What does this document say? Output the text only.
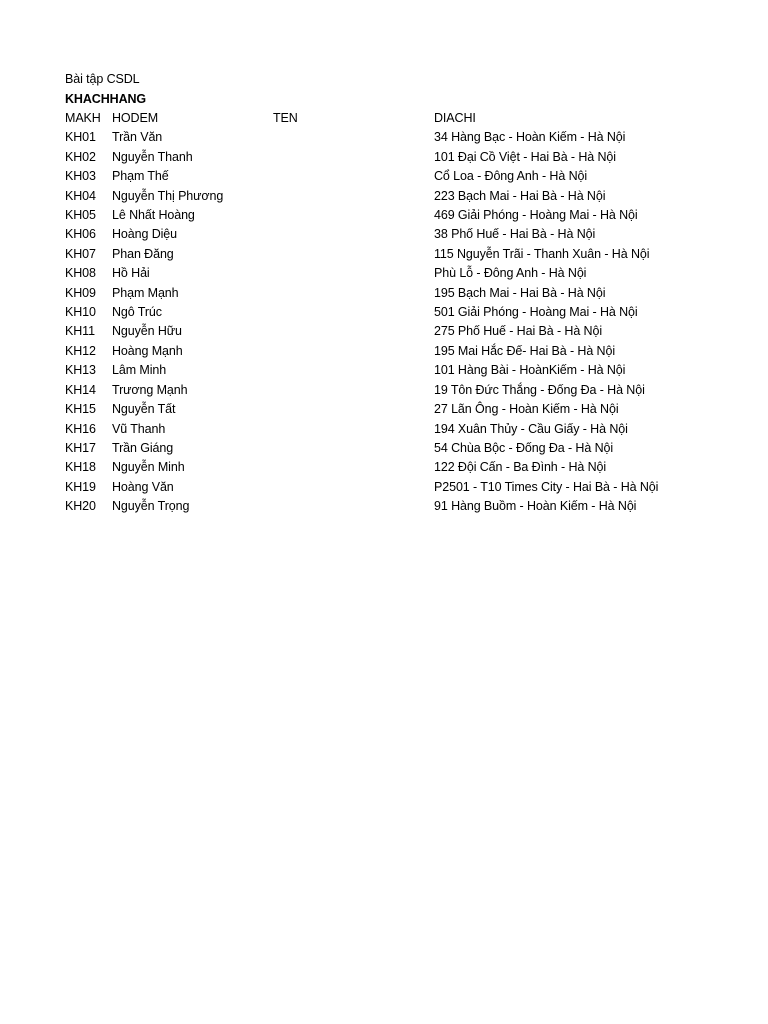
Bài tập CSDL
KHACHHANG
MAKH	HODEM	TEN	DIACHI
KH01	Trần Văn		34 Hàng Bạc - Hoàn Kiếm - Hà Nội
KH02	Nguyễn Thanh		101 Đại Cồ Việt - Hai Bà - Hà Nội
KH03	Phạm Thế		Cổ Loa - Đông Anh - Hà Nội
KH04	Nguyễn Thị Phương		223 Bạch Mai - Hai Bà - Hà Nội
KH05	Lê Nhất Hoàng		469 Giải Phóng - Hoàng Mai - Hà Nội
KH06	Hoàng Diệu		38 Phố Huế - Hai Bà - Hà Nội
KH07	Phan Đăng		115 Nguyễn Trãi - Thanh Xuân - Hà Nội
KH08	Hồ Hải		Phù Lỗ - Đông Anh - Hà Nội
KH09	Phạm Mạnh		195 Bạch Mai - Hai Bà - Hà Nội
KH10	Ngô Trúc		501 Giải Phóng - Hoàng Mai - Hà Nội
KH11	Nguyễn Hữu		275 Phố Huế - Hai Bà - Hà Nội
KH12	Hoàng Mạnh		195 Mai Hắc Đế- Hai Bà - Hà Nội
KH13	Lâm Minh		101 Hàng Bài - HoànKiếm - Hà Nội
KH14	Trương Mạnh		19 Tôn Đức Thắng - Đống Đa - Hà Nội
KH15	Nguyễn Tất		27 Lãn Ông - Hoàn Kiếm - Hà Nội
KH16	Vũ Thanh		194 Xuân Thủy - Cầu Giấy - Hà Nội
KH17	Trần Giáng		54 Chùa Bộc - Đống Đa - Hà Nội
KH18	Nguyễn Minh		122 Đội Cấn - Ba Đình - Hà Nội
KH19	Hoàng Văn		P2501 - T10 Times City - Hai Bà - Hà Nội
KH20	Nguyễn Trọng		91 Hàng Buồm - Hoàn Kiếm - Hà Nội
